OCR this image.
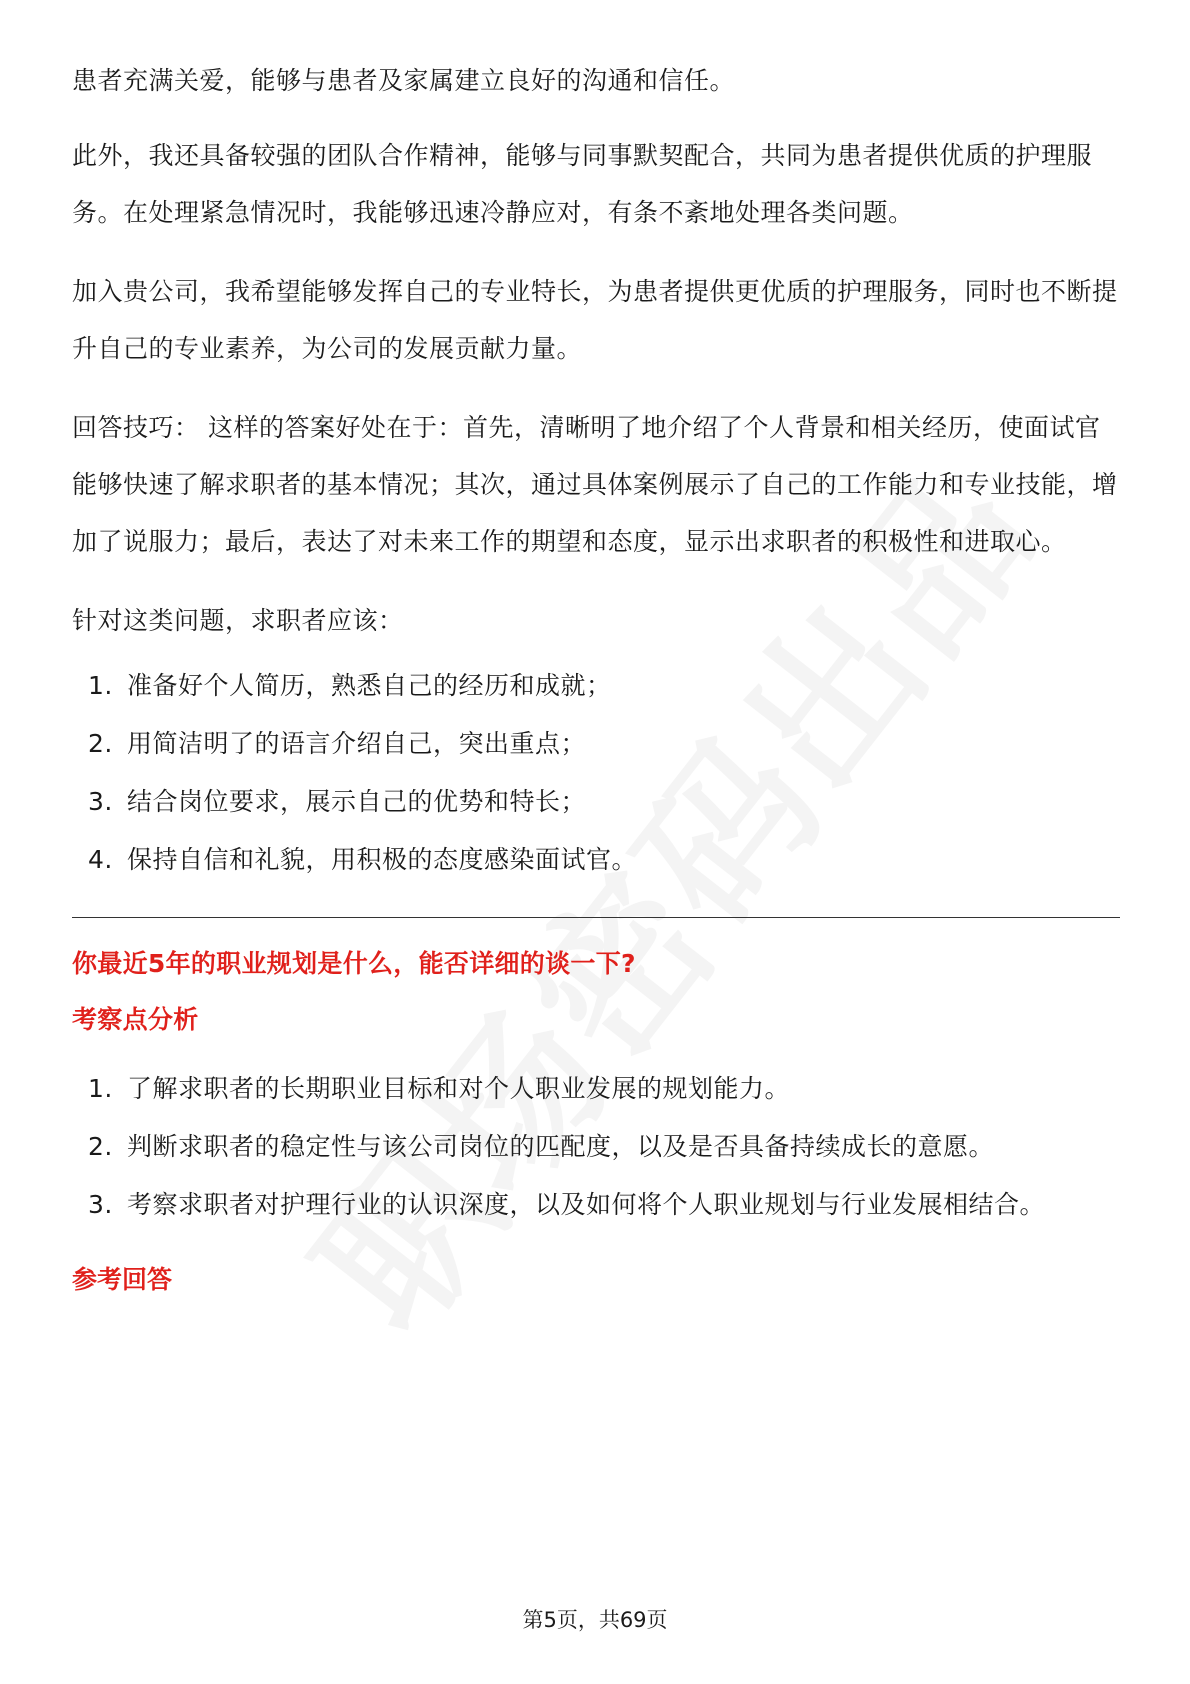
患者充满关爱，能够与患者及家属建立良好的沟通和信任。

此外，我还具备较强的团队合作精神，能够与同事默契配合，共同为患者提供优质的护理服务。在处理紧急情况时，我能够迅速冷静应对，有条不紊地处理各类问题。

加入贵公司，我希望能够发挥自己的专业特长，为患者提供更优质的护理服务，同时也不断提升自己的专业素养，为公司的发展贡献力量。

回答技巧： 这样的答案好处在于：首先，清晰明了地介绍了个人背景和相关经历，使面试官能够快速了解求职者的基本情况；其次，通过具体案例展示了自己的工作能力和专业技能，增加了说服力；最后，表达了对未来工作的期望和态度，显示出求职者的积极性和进取心。

针对这类问题，求职者应该：

1. 准备好个人简历，熟悉自己的经历和成就；
2. 用简洁明了的语言介绍自己，突出重点；
3. 结合岗位要求，展示自己的优势和特长；
4. 保持自信和礼貌，用积极的态度感染面试官。
你最近5年的职业规划是什么，能否详细的谈一下?
考察点分析
1. 了解求职者的长期职业目标和对个人职业发展的规划能力。
2. 判断求职者的稳定性与该公司岗位的匹配度，以及是否具备持续成长的意愿。
3. 考察求职者对护理行业的认识深度，以及如何将个人职业规划与行业发展相结合。
参考回答
第5页，共69页
